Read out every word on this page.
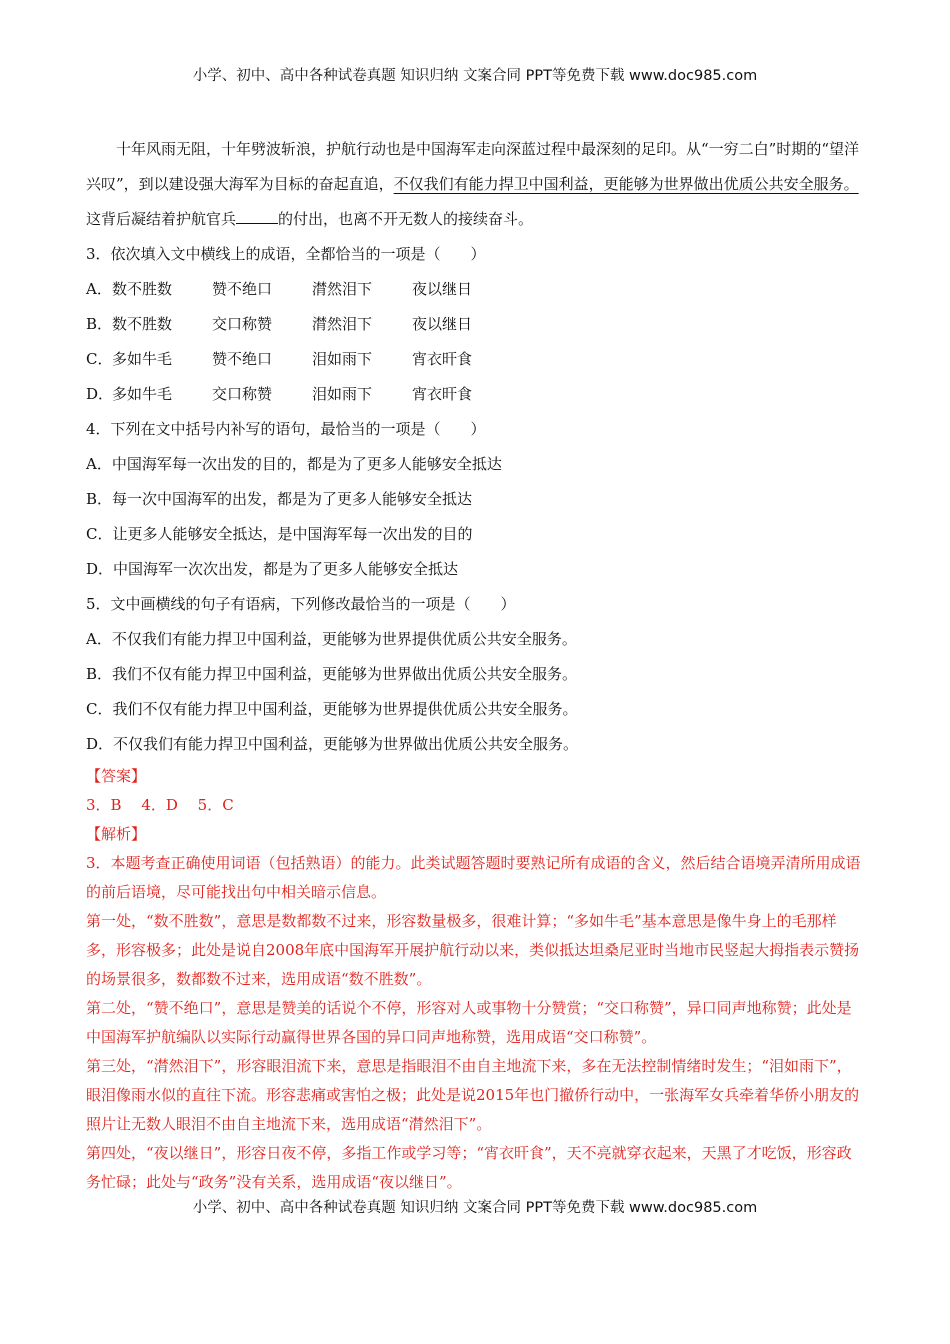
小学、初中、高中各种试卷真题 知识归纳 文案合同 PPT等免费下载 www.doc985.com

十年风雨无阻，十年劈波斩浪，护航行动也是中国海军走向深蓝过程中最深刻的足印。从“一穷二白”时期的“望洋兴叹”，到以建设强大海军为目标的奋起直追，不仅我们有能力捍卫中国利益，更能够为世界做出优质公共安全服务。这背后凝结着护航官兵	的付出，也离不开无数人的接续奋斗。

3．依次填入文中横线上的成语，全都恰当的一项是（　　）
A．数不胜数	赞不绝口	潸然泪下	夜以继日
B．数不胜数	交口称赞	潸然泪下	夜以继日
C．多如牛毛	赞不绝口	泪如雨下	宵衣旰食
D．多如牛毛	交口称赞	泪如雨下	宵衣旰食
4．下列在文中括号内补写的语句，最恰当的一项是（　　）
A．中国海军每一次出发的目的，都是为了更多人能够安全抵达
B．每一次中国海军的出发，都是为了更多人能够安全抵达
C．让更多人能够安全抵达，是中国海军每一次出发的目的
D．中国海军一次次出发，都是为了更多人能够安全抵达
5．文中画横线的句子有语病，下列修改最恰当的一项是（　　）
A．不仅我们有能力捍卫中国利益，更能够为世界提供优质公共安全服务。
B．我们不仅有能力捍卫中国利益，更能够为世界做出优质公共安全服务。
C．我们不仅有能力捍卫中国利益，更能够为世界提供优质公共安全服务。
D．不仅我们有能力捍卫中国利益，更能够为世界做出优质公共安全服务。
【答案】
3．B　 4．D　 5．C
【解析】

3．本题考查正确使用词语（包括熟语）的能力。此类试题答题时要熟记所有成语的含义，然后结合语境弄清所用成语的前后语境，尽可能找出句中相关暗示信息。

第一处，“数不胜数”，意思是数都数不过来，形容数量极多，很难计算；“多如牛毛”基本意思是像牛身上的毛那样多，形容极多；此处是说自2008年底中国海军开展护航行动以来，类似抵达坦桑尼亚时当地市民竖起大拇指表示赞扬的场景很多，数都数不过来，选用成语“数不胜数”。

第二处，“赞不绝口”，意思是赞美的话说个不停，形容对人或事物十分赞赏；“交口称赞”，异口同声地称赞；此处是中国海军护航编队以实际行动赢得世界各国的异口同声地称赞，选用成语“交口称赞”。

第三处，“潸然泪下”，形容眼泪流下来，意思是指眼泪不由自主地流下来，多在无法控制情绪时发生；“泪如雨下”，眼泪像雨水似的直往下流。形容悲痛或害怕之极；此处是说2015年也门撤侨行动中，一张海军女兵牵着华侨小朋友的照片让无数人眼泪不由自主地流下来，选用成语“潸然泪下”。

第四处，“夜以继日”，形容日夜不停，多指工作或学习等；“宵衣旰食”，天不亮就穿衣起来，天黑了才吃饭，形容政务忙碌；此处与“政务”没有关系，选用成语“夜以继日”。

小学、初中、高中各种试卷真题 知识归纳 文案合同 PPT等免费下载 www.doc985.com
